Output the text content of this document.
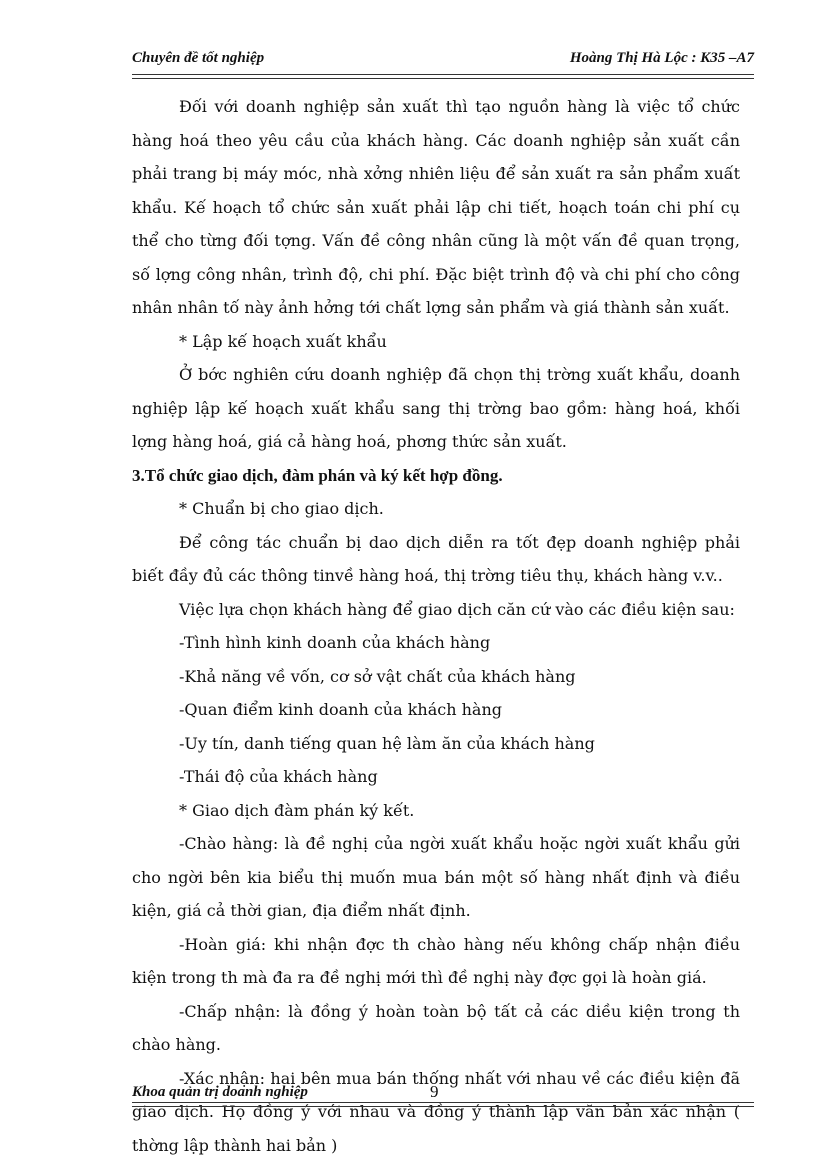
Chuyên đề tốt nghiệp	Hoàng Thị Hà Lộc : K35 –A7

Đối với doanh nghiệp sản xuất thì tạo nguồn hàng là việc tổ chức hàng hoá theo yêu cầu của khách hàng. Các doanh nghiệp sản xuất cần phải trang bị máy móc, nhà xởng nhiên liệu để sản xuất ra sản phẩm xuất khẩu. Kế hoạch tổ chức sản xuất phải lập chi tiết, hoạch toán chi phí cụ thể cho từng đối tợng. Vấn đề công nhân cũng là một vấn đề quan trọng, số lợng công nhân, trình độ, chi phí. Đặc biệt trình độ và chi phí cho công nhân nhân tố này ảnh hởng tới chất lợng sản phẩm và giá thành sản xuất.

* Lập kế hoạch xuất khẩu

Ở bớc nghiên cứu doanh nghiệp đã chọn thị trờng xuất khẩu, doanh nghiệp lập kế hoạch xuất khẩu sang thị trờng bao gồm: hàng hoá, khối lợng hàng hoá, giá cả hàng hoá, phơng thức sản xuất.

3.Tổ chức giao dịch, đàm phán và ký kết hợp đồng.

* Chuẩn bị cho giao dịch.

Để công tác chuẩn bị dao dịch diễn ra tốt đẹp doanh nghiệp phải biết đầy đủ các thông tinvề hàng hoá, thị trờng tiêu thụ, khách hàng v.v..

Việc lựa chọn khách hàng để giao dịch căn cứ vào các điều kiện sau:

-Tình hình kinh doanh của khách hàng

-Khả năng về vốn, cơ sở vật chất của khách hàng

-Quan điểm kinh doanh của khách hàng

-Uy tín, danh tiếng quan hệ làm ăn của khách hàng

-Thái độ của khách hàng

* Giao dịch đàm phán ký kết.

-Chào hàng: là đề nghị của ngời xuất khẩu hoặc ngời xuất khẩu gửi cho ngời bên kia biểu thị muốn mua bán một số hàng nhất định và điều kiện, giá cả thời gian, địa điểm nhất định.

-Hoàn giá: khi nhận đợc th chào hàng nếu không chấp nhận điều kiện trong th mà đa ra đề nghị mới thì đề nghị này đợc gọi là hoàn giá.

-Chấp nhận: là đồng ý hoàn toàn bộ tất cả các diều kiện trong th chào hàng.

-Xác nhận: hai bên mua bán thống nhất với nhau về các điều kiện đã giao dịch. Họ đồng ý với nhau và đồng ý thành lập văn bản xác nhận ( thờng lập thành hai bản )

Khoa quản trị doanh nghiệp	9
